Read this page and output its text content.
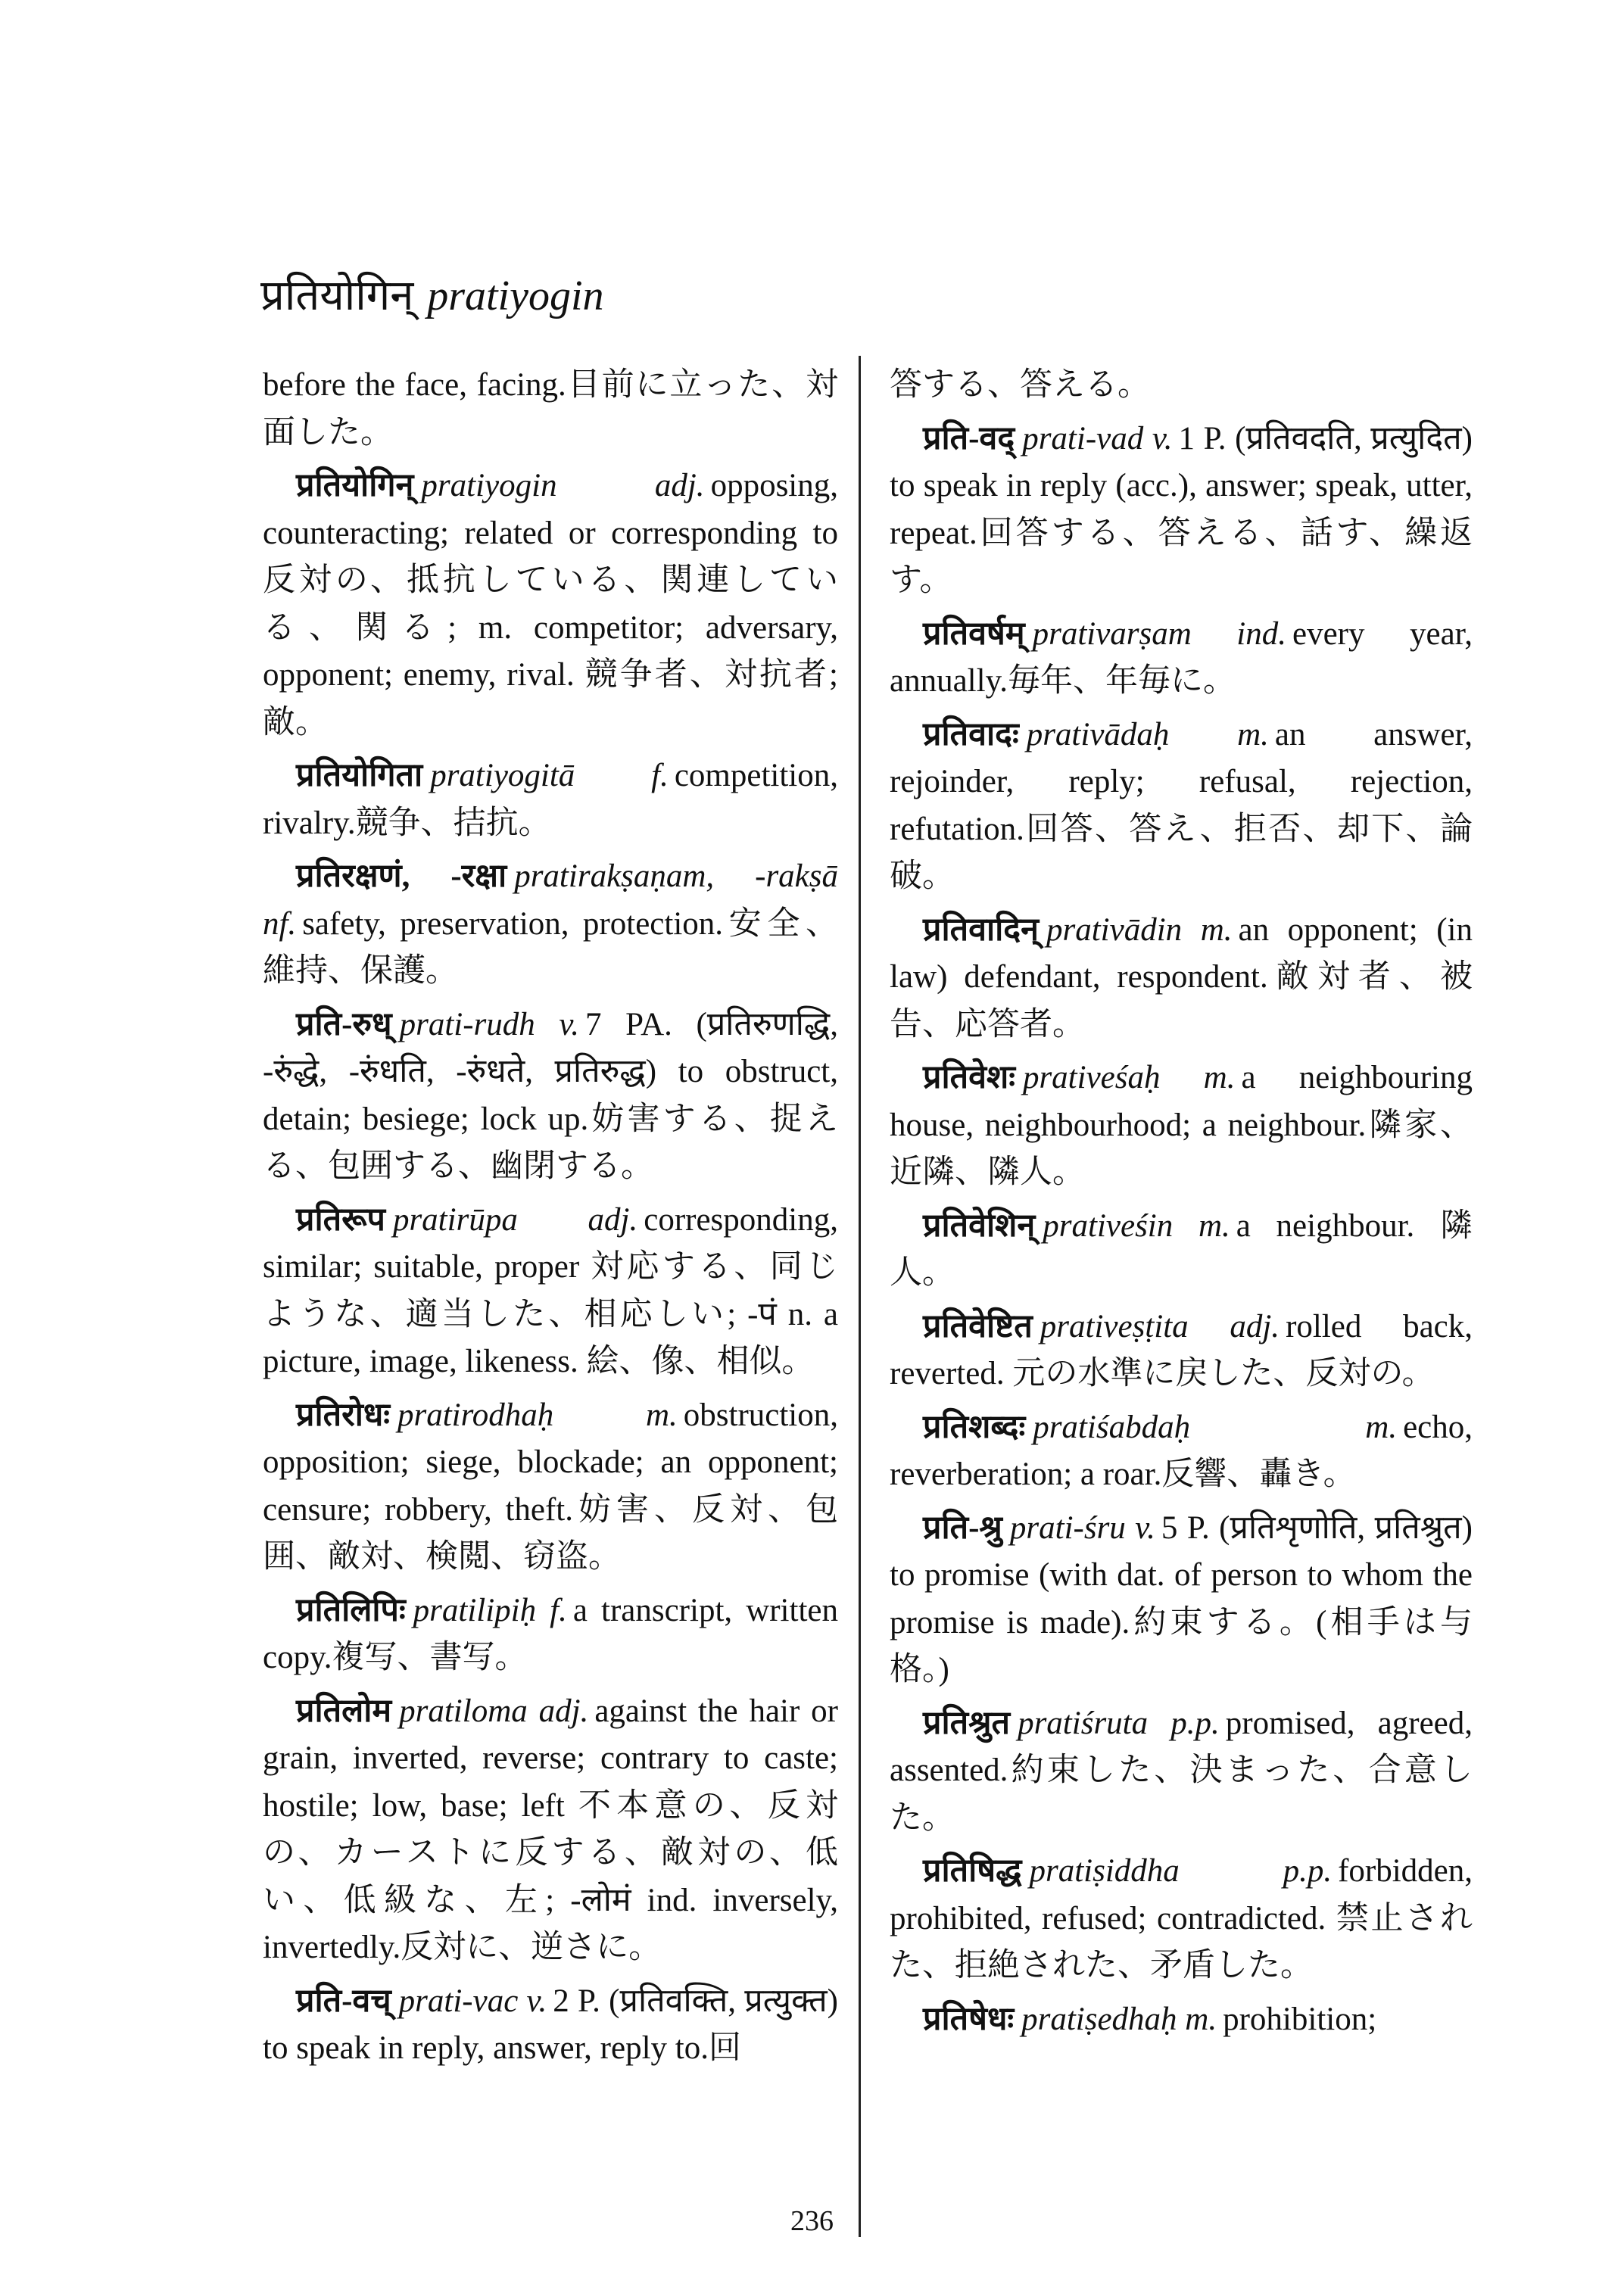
प्रतियोगिन् pratiyogin

before the face, facing.目前に立った、対面した。

प्रतियोगिन् pratiyogin adj. opposing, counteracting; related or corresponding to反対の、抵抗している、関連している、関る; m. competitor; adversary, opponent; enemy, rival. 競争者、対抗者; 敵。

प्रतियोगिता pratiyogitā f. competition, rivalry.競争、拮抗。

प्रतिरक्षणं, -रक्षा pratirakṣaṇam, -rakṣā nf. safety, preservation, protection.安全、維持、保護。

प्रति-रुध् prati-rudh v. 7 PA. (प्रतिरुणद्धि, -रुंद्धे, -रुंधति, -रुंधते, प्रतिरुद्ध) to obstruct, detain; besiege; lock up.妨害する、捉える、包囲する、幽閉する。

प्रतिरूप pratirūpa adj. corresponding, similar; suitable, proper 対応する、同じような、適当した、相応しい; -पं n. a picture, image, likeness. 絵、像、相似。

प्रतिरोधः pratirodhaḥ m. obstruction, opposition; siege, blockade; an opponent; censure; robbery, theft.妨害、反対、包囲、敵対、検閲、窃盗。

प्रतिलिपिः pratilipiḥ f. a transcript, written copy.複写、書写。

प्रतिलोम pratiloma adj. against the hair or grain, inverted, reverse; contrary to caste; hostile; low, base; left 不本意の、反対の、カーストに反する、敵対の、低い、低級な、左; -लोमं ind. inversely, invertedly.反対に、逆さに。

प्रति-वच् prati-vac v. 2 P. (प्रतिवक्ति, प्रत्युक्त) to speak in reply, answer, reply to.回

答する、答える。

प्रति-वद् prati-vad v. 1 P. (प्रतिवदति, प्रत्युदित) to speak in reply (acc.), answer; speak, utter, repeat.回答する、答える、話す、繰返す。

प्रतिवर्षम् prativarṣam ind. every year, annually.毎年、年毎に。

प्रतिवादः prativādaḥ m. an answer, rejoinder, reply; refusal, rejection, refutation.回答、答え、拒否、却下、論破。

प्रतिवादिन् prativādin m. an opponent; (in law) defendant, respondent.敵対者、被告、応答者。

प्रतिवेशः prativeśaḥ m. a neighbouring house, neighbourhood; a neighbour.隣家、近隣、隣人。

प्रतिवेशिन् prativeśin m. a neighbour. 隣人。

प्रतिवेष्टित prativeṣṭita adj. rolled back, reverted. 元の水準に戻した、反対の。

प्रतिशब्दः pratiśabdaḥ m. echo, reverberation; a roar.反響、轟き。

प्रति-श्रु prati-śru v. 5 P. (प्रतिशृणोति, प्रतिश्रुत) to promise (with dat. of person to whom the promise is made).約束する。(相手は与格。)

प्रतिश्रुत pratiśruta p.p. promised, agreed, assented.約束した、決まった、合意した。

प्रतिषिद्ध pratiṣiddha p.p. forbidden, prohibited, refused; contradicted. 禁止された、拒絶された、矛盾した。

प्रतिषेधः pratiṣedhaḥ m. prohibition;

236
